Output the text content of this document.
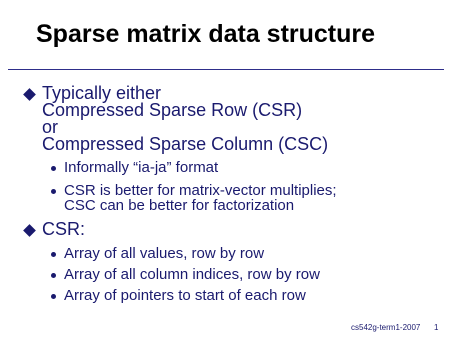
Sparse matrix data structure
Typically either
Compressed Sparse Row (CSR)
or
Compressed Sparse Column (CSC)
Informally “ia-ja” format
CSR is better for matrix-vector multiplies;
CSC can be better for factorization
CSR:
Array of all values, row by row
Array of all column indices, row by row
Array of pointers to start of each row
cs542g-term1-2007 1
